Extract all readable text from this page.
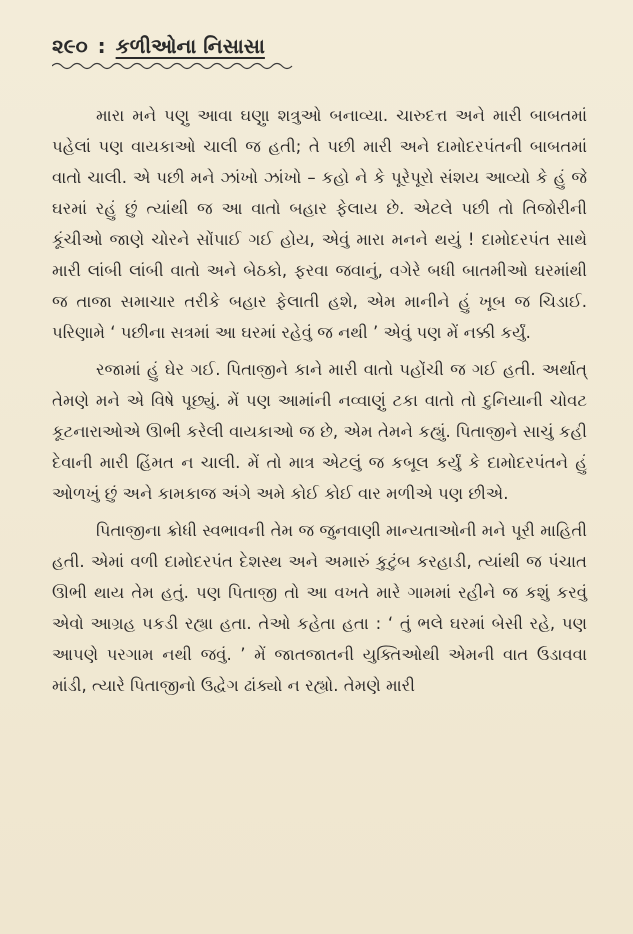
૨૯૦ : કળીઓના નિસાસા

મારા મને પણુ આવા ઘણુા શત્રુઓ બનાવ્યા. ચારુદત્ત અને મારી બાબતમાં પહેલાં પણ વાયકાઓ ચાલી જ હતી; તે પછી મારી અને દામોદરપંતની બાબતમાં વાતો ચાલી. એ પછી મને ઝાંખો ઝાંખો – કહો ને કે પૂરેપૂરો સંશય આવ્યો કે હું જે ઘરમાં રહું છું ત્યાંથી જ આ વાતો બહાર ફેલાય છે. એટલે પછી તો તિજોરીની કૂંચીઓ જાણે ચોરને સોંપાઈ ગઈ હોય, એવું મારા મનને થયું ! દામોદરપંત સાથે મારી લાંબી લાંબી વાતો અને બેઠકો, ફરવા જવાનું, વગેરે બધી બાતમીઓ ઘરમાંથી જ તાજા સમાચાર તરીકે બહાર ફેલાતી હશે, એમ માનીને હું ખૂબ જ ચિડાઈ. પરિણામે ‘ પછીના સત્રમાં આ ઘરમાં રહેવું જ નથી ’ એવું પણ મેં નક્કી કર્યું.

રજામાં હું ઘેર ગઈ. પિતાજીને કાને મારી વાતો પહોંચી જ ગઈ હતી. અર્થાત્ તેમણે મને એ વિષે પૂછ્યું. મેં પણ આમાંની નવ્વાણું ટકા વાતો તો દુનિયાની ચોવટ કૂટનારાઓએ ઊભી કરેલી વાયકાઓ જ છે, એમ તેમને કહ્યું. પિતાજીને સાચું કહી દેવાની મારી હિંમત ન ચાલી. મેં તો માત્ર એટલું જ કબૂલ કર્યું કે દામોદરપંતને હું ઓળખું છું અને કામકાજ અંગે અમે કોઈ કોઈ વાર મળીએ પણ છીએ.

પિતાજીના ક્રોધી સ્વભાવની તેમ જ જુનવાણી માન્યતાઓની મને પૂરી માહિતી હતી. એમાં વળી દામોદરપંત દેશસ્થ અને અમારું કુટુંબ કરહાડી, ત્યાંથી જ પંચાત ઊભી થાય તેમ હતું. પણ પિતાજી તો આ વખતે મારે ગામમાં રહીને જ કશું કરવું એવો આગ્રહ પકડી રહ્યા હતા. તેઓ કહેતા હતા : ‘ તું ભલે ઘરમાં બેસી રહે, પણ આપણે પરગામ નથી જવું. ’ મેં જાતજાતની યુક્તિઓથી એમની વાત ઉડાવવા માંડી, ત્યારે પિતાજીનો ઉદ્વેગ ઢાંક્યો ન રહ્યો. તેમણે મારી
